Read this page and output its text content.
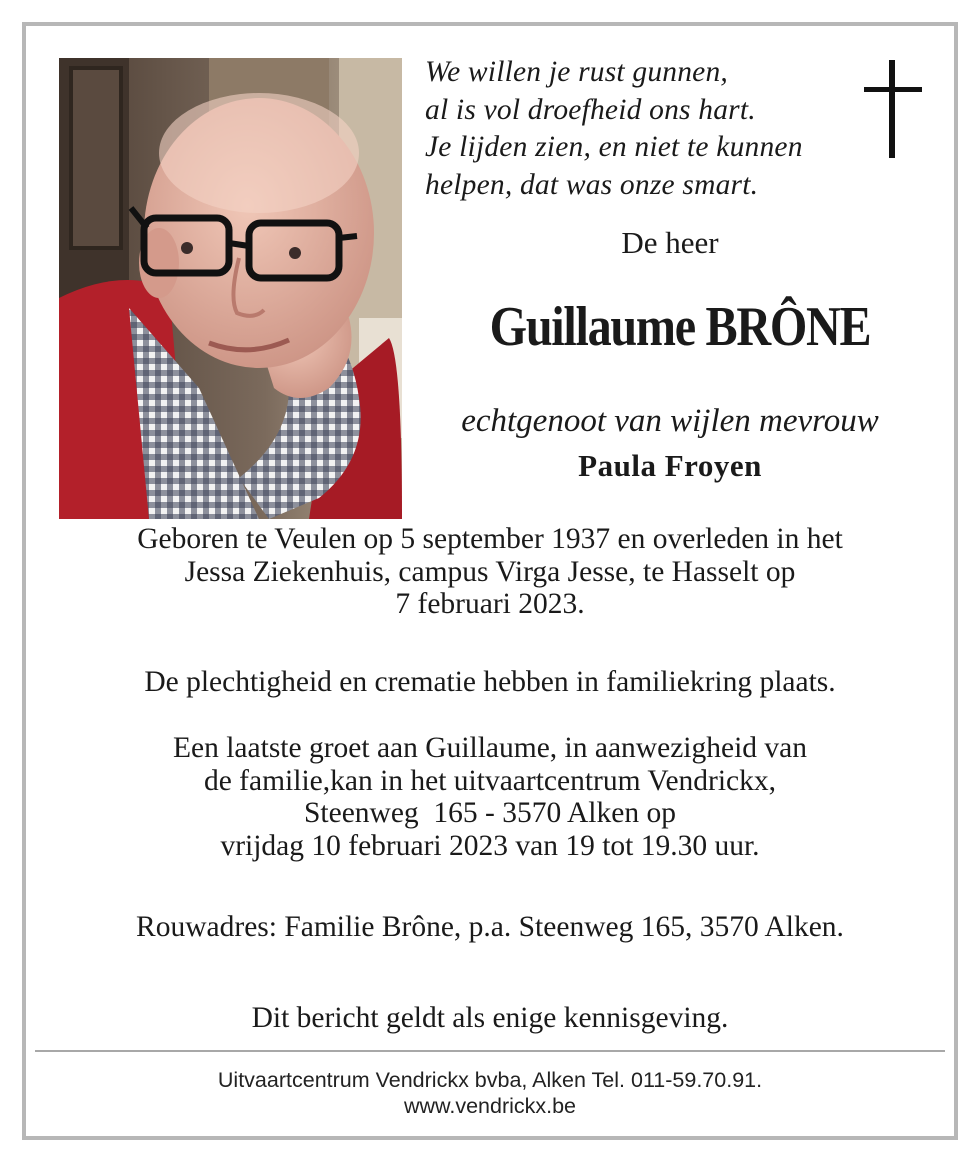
We willen je rust gunnen,
al is vol droefheid ons hart.
Je lijden zien, en niet te kunnen
helpen, dat was onze smart.
De heer
Guillaume BRÔNE
echtgenoot van wijlen mevrouw
Paula Froyen
Geboren te Veulen op 5 september 1937 en overleden in het
Jessa Ziekenhuis, campus Virga Jesse, te Hasselt op
7 februari 2023.
De plechtigheid en crematie hebben in familiekring plaats.
Een laatste groet aan Guillaume, in aanwezigheid van
de familie,kan in het uitvaartcentrum Vendrickx,
Steenweg  165 - 3570 Alken op
vrijdag 10 februari 2023 van 19 tot 19.30 uur.
Rouwadres: Familie Brône, p.a. Steenweg 165, 3570 Alken.
Dit bericht geldt als enige kennisgeving.
Uitvaartcentrum Vendrickx bvba, Alken Tel. 011-59.70.91.
www.vendrickx.be
